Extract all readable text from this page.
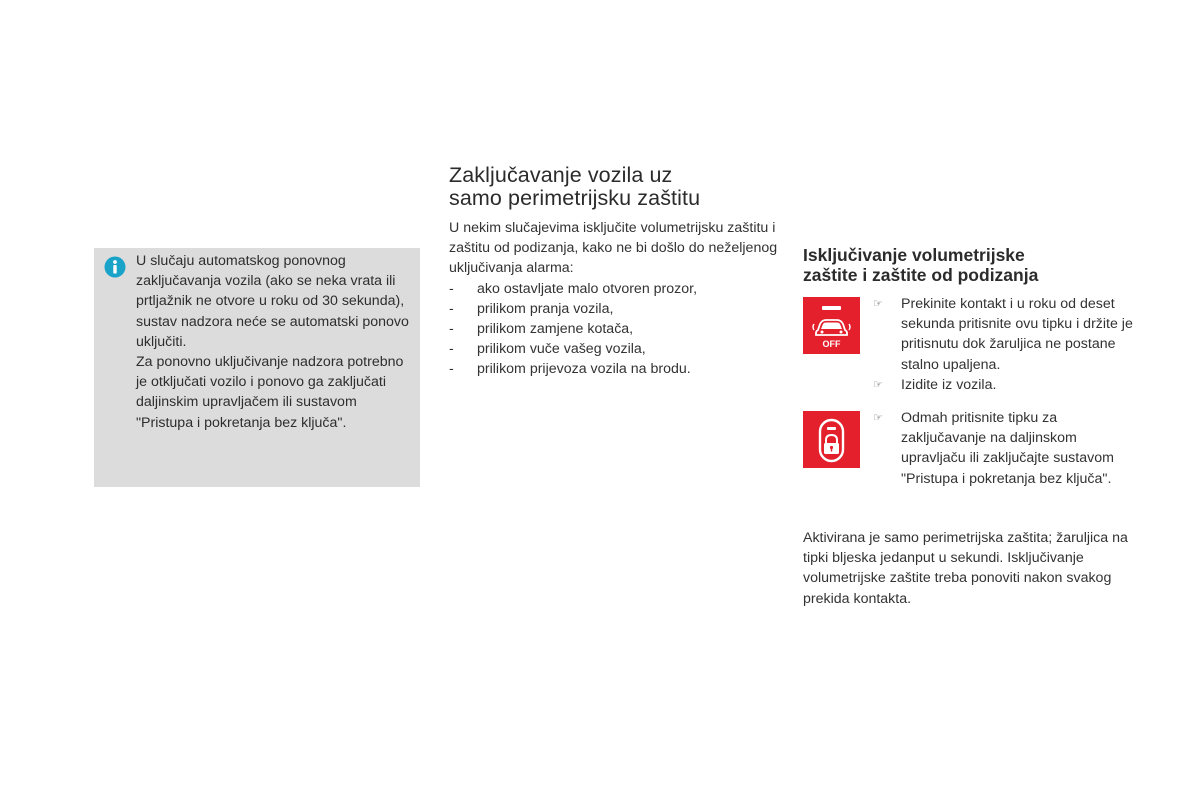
U slučaju automatskog ponovnog zaključavanja vozila (ako se neka vrata ili prtljažnik ne otvore u roku od 30 sekunda), sustav nadzora neće se automatski ponovo uključiti.

Za ponovno uključivanje nadzora potrebno je otključati vozilo i ponovo ga zaključati daljinskim upravljačem ili sustavom "Pristupa i pokretanja bez ključa".

Zaključavanje vozila uz
samo perimetrijsku zaštitu

U nekim slučajevima isključite volumetrijsku zaštitu i zaštitu od podizanja, kako ne bi došlo do neželjenog uključivanja alarma:

- ako ostavljate malo otvoren prozor,
- prilikom pranja vozila,
- prilikom zamjene kotača,
- prilikom vuče vašeg vozila,
- prilikom prijevoza vozila na brodu.
Isključivanje volumetrijske
zaštite i zaštite od podizanja
OFF
☞ Prekinite kontakt i u roku od deset sekunda pritisnite ovu tipku i držite je pritisnutu dok žaruljica ne postane stalno upaljena.
☞ Izidite iz vozila.
☞ Odmah pritisnite tipku za zaključavanje na daljinskom upravljaču ili zaključajte sustavom "Pristupa i pokretanja bez ključa".

Aktivirana je samo perimetrijska zaštita; žaruljica na tipki bljeska jedanput u sekundi. Isključivanje volumetrijske zaštite treba ponoviti nakon svakog prekida kontakta.
